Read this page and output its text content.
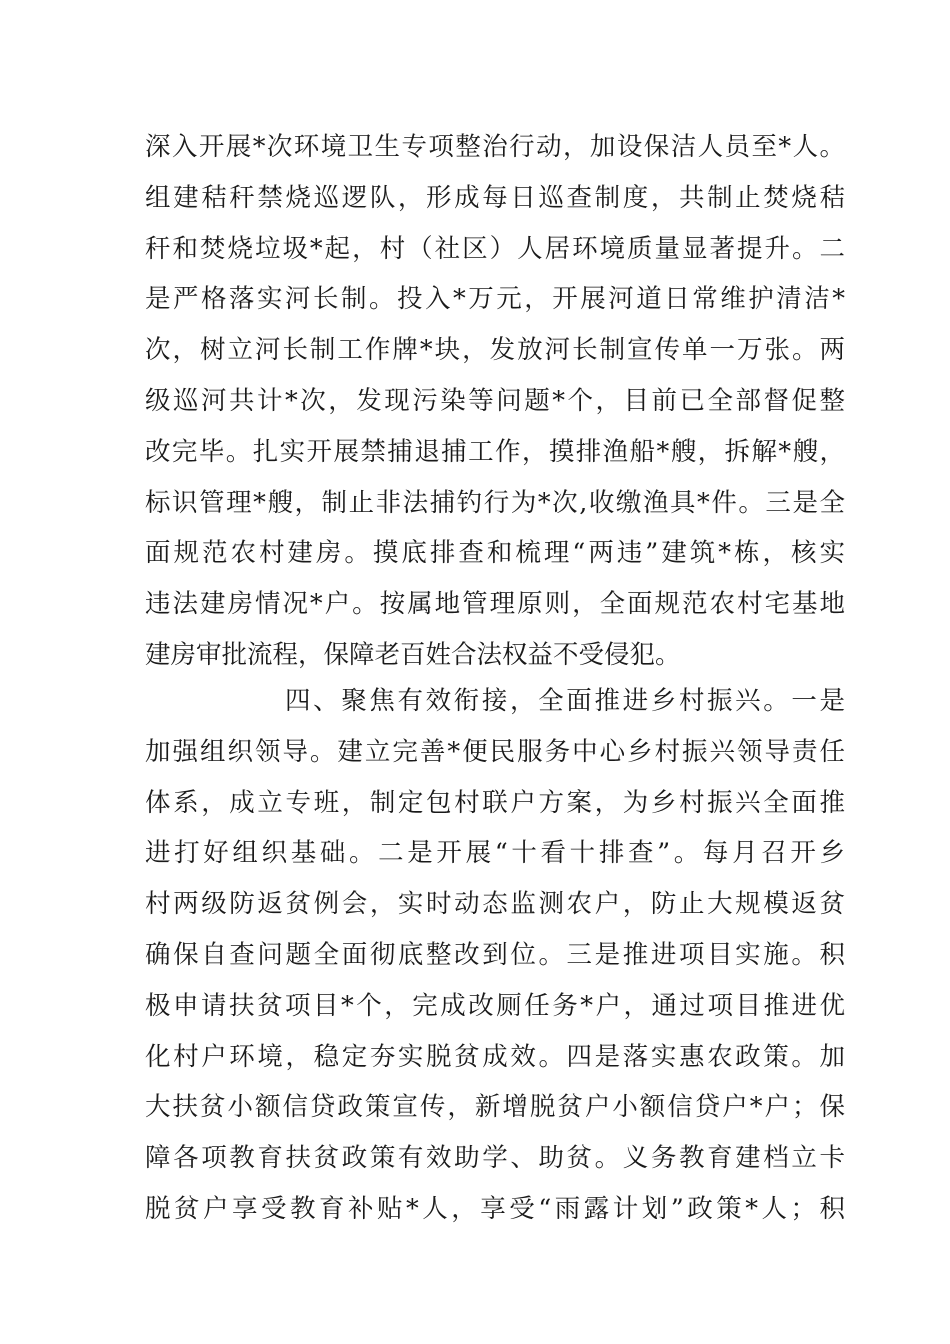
深入开展*次环境卫生专项整治行动，加设保洁人员至*人。
组建秸秆禁烧巡逻队，形成每日巡查制度，共制止焚烧秸
秆和焚烧垃圾*起，村（社区）人居环境质量显著提升。二
是严格落实河长制。投入*万元，开展河道日常维护清洁*
次，树立河长制工作牌*块，发放河长制宣传单一万张。两
级巡河共计*次，发现污染等问题*个，目前已全部督促整
改完毕。扎实开展禁捕退捕工作，摸排渔船*艘，拆解*艘，
标识管理*艘，制止非法捕钓行为*次,收缴渔具*件。三是全
面规范农村建房。摸底排查和梳理“两违”建筑*栋，核实
违法建房情况*户。按属地管理原则，全面规范农村宅基地
建房审批流程，保障老百姓合法权益不受侵犯。
四、聚焦有效衔接，全面推进乡村振兴。一是
加强组织领导。建立完善*便民服务中心乡村振兴领导责任
体系，成立专班，制定包村联户方案，为乡村振兴全面推
进打好组织基础。二是开展“十看十排查”。每月召开乡
村两级防返贫例会，实时动态监测农户，防止大规模返贫
确保自查问题全面彻底整改到位。三是推进项目实施。积
极申请扶贫项目*个，完成改厕任务*户，通过项目推进优
化村户环境，稳定夯实脱贫成效。四是落实惠农政策。加
大扶贫小额信贷政策宣传，新增脱贫户小额信贷户*户；保
障各项教育扶贫政策有效助学、助贫。义务教育建档立卡
脱贫户享受教育补贴*人，享受“雨露计划”政策*人；积
